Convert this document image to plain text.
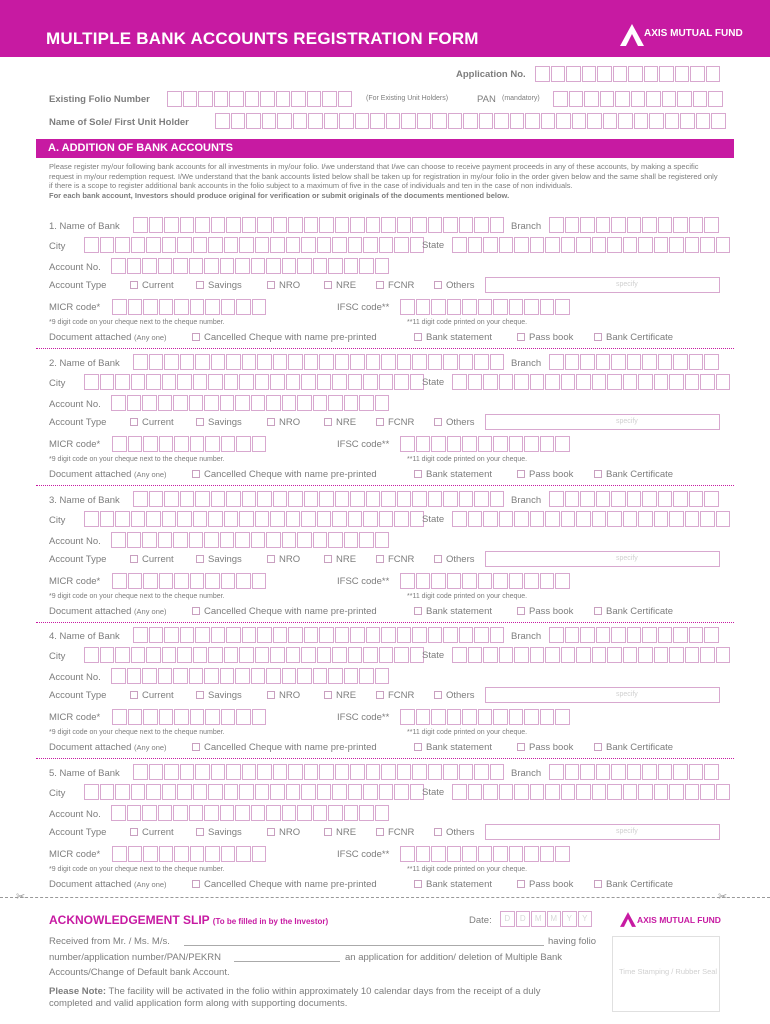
MULTIPLE BANK ACCOUNTS REGISTRATION FORM	AXIS MUTUAL FUND
Application No.
Existing Folio Number	(For Existing Unit Holders)	PAN (mandatory)
Name of Sole/ First Unit Holder
A. ADDITION OF BANK ACCOUNTS
Please register my/our following bank accounts for all investments in my/our folio. I/we understand that I/we can choose to receive payment proceeds in any of these accounts, by making a specific request in my/our redemption request. I/We understand that the bank accounts listed below shall be taken up for registration in my/our folio in the order given below and the same shall be registered only if there is a scope to register additional bank accounts in the folio subject to a maximum of five in the case of individuals and ten in the case of non individuals.
For each bank account, Investors should produce original for verification or submit originals of the documents mentioned below.
1. Name of Bank	Branch
City	State
Account No.
Account Type	Current	Savings	NRO	NRE	FCNR	Others	specify
MICR code*	IFSC code**
*9 digit code on your cheque next to the cheque number.	**11 digit code printed on your cheque.
Document attached (Any one)	Cancelled Cheque with name pre-printed	Bank statement	Pass book	Bank Certificate
2. Name of Bank	Branch
City	State
Account No.
Account Type	Current	Savings	NRO	NRE	FCNR	Others	specify
MICR code*	IFSC code**
*9 digit code on your cheque next to the cheque number.	**11 digit code printed on your cheque.
Document attached (Any one)	Cancelled Cheque with name pre-printed	Bank statement	Pass book	Bank Certificate
3. Name of Bank	Branch
City	State
Account No.
Account Type	Current	Savings	NRO	NRE	FCNR	Others	specify
MICR code*	IFSC code**
*9 digit code on your cheque next to the cheque number.	**11 digit code printed on your cheque.
Document attached (Any one)	Cancelled Cheque with name pre-printed	Bank statement	Pass book	Bank Certificate
4. Name of Bank	Branch
City	State
Account No.
Account Type	Current	Savings	NRO	NRE	FCNR	Others	specify
MICR code*	IFSC code**
*9 digit code on your cheque next to the cheque number.	**11 digit code printed on your cheque.
Document attached (Any one)	Cancelled Cheque with name pre-printed	Bank statement	Pass book	Bank Certificate
5. Name of Bank	Branch
City	State
Account No.
Account Type	Current	Savings	NRO	NRE	FCNR	Others	specify
MICR code*	IFSC code**
*9 digit code on your cheque next to the cheque number.	**11 digit code printed on your cheque.
Document attached (Any one)	Cancelled Cheque with name pre-printed	Bank statement	Pass book	Bank Certificate
✂	✂
ACKNOWLEDGEMENT SLIP (To be filled in by the Investor)	Date:	D	D	M	M	Y	Y	AXIS MUTUAL FUND
Received from Mr. / Ms. M/s.	having folio
number/application number/PAN/PEKRN	an application for addition/ deletion of Multiple Bank
Accounts/Change of Default bank Account.
Please Note: The facility will be activated in the folio within approximately 10 calendar days from the receipt of a duly
completed and valid application form along with supporting documents.
Time Stamping / Rubber Seal
